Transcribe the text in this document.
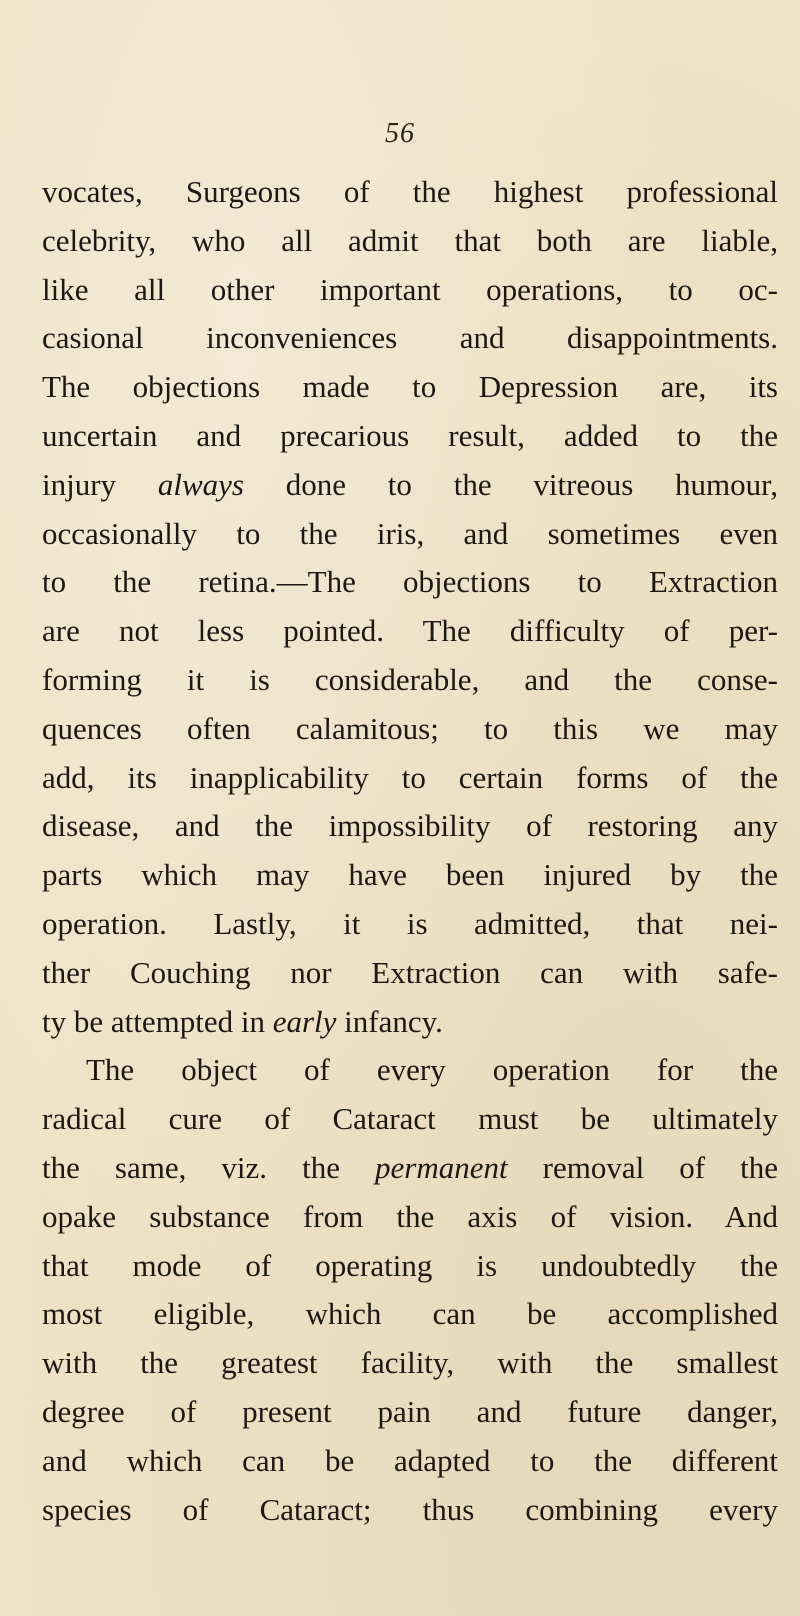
56
vocates, Surgeons of the highest professional
celebrity, who all admit that both are liable,
like all other important operations, to oc-
casional inconveniences and disappointments.
The objections made to Depression are, its
uncertain and precarious result, added to the
injury always done to the vitreous humour,
occasionally to the iris, and sometimes even
to the retina.—The objections to Extraction
are not less pointed. The difficulty of per-
forming it is considerable, and the conse-
quences often calamitous; to this we may
add, its inapplicability to certain forms of the
disease, and the impossibility of restoring any
parts which may have been injured by the
operation. Lastly, it is admitted, that nei-
ther Couching nor Extraction can with safe-
ty be attempted in early infancy.
The object of every operation for the
radical cure of Cataract must be ultimately
the same, viz. the permanent removal of the
opake substance from the axis of vision. And
that mode of operating is undoubtedly the
most eligible, which can be accomplished
with the greatest facility, with the smallest
degree of present pain and future danger,
and which can be adapted to the different
species of Cataract; thus combining every
